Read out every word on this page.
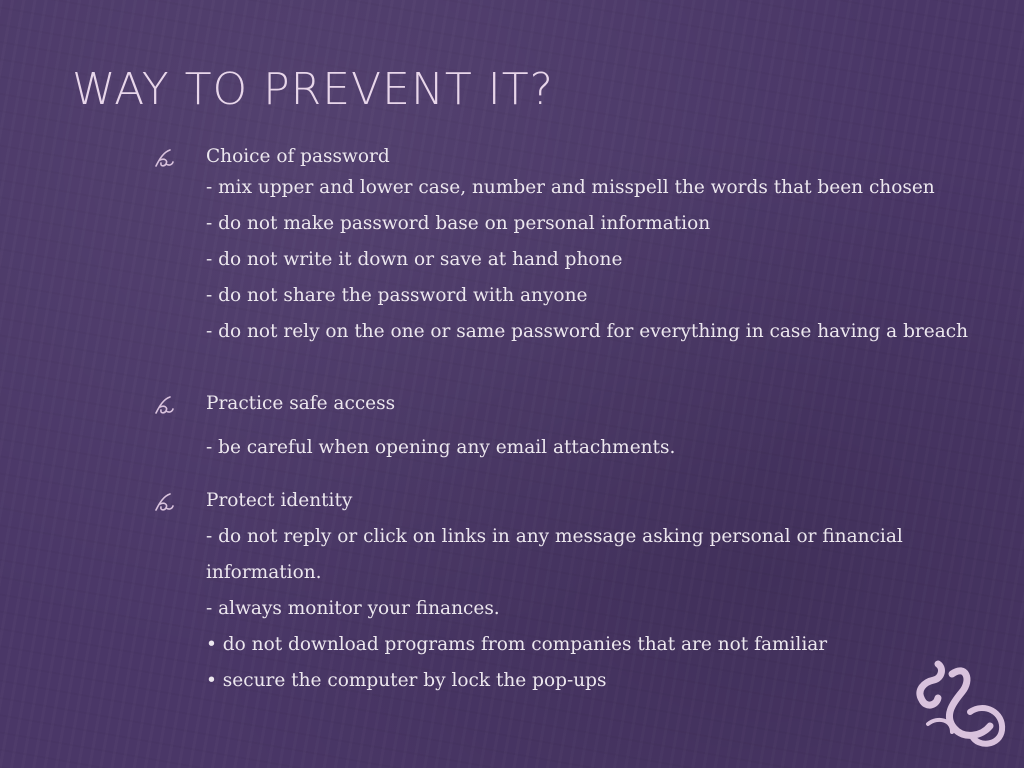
WAY TO PREVENT IT?
Choice of password
- mix upper and lower case, number and misspell the words that been chosen
- do not make password base on personal information
- do not write it down or save at hand phone
- do not share the password with anyone
- do not rely on the one or same password for everything in case having a breach
Practice safe access
- be careful when opening any email attachments.
Protect identity
- do not reply or click on links in any message asking personal or financial
information.
- always monitor your finances.
• do not download programs from companies that are not familiar
• secure the computer by lock the pop-ups
